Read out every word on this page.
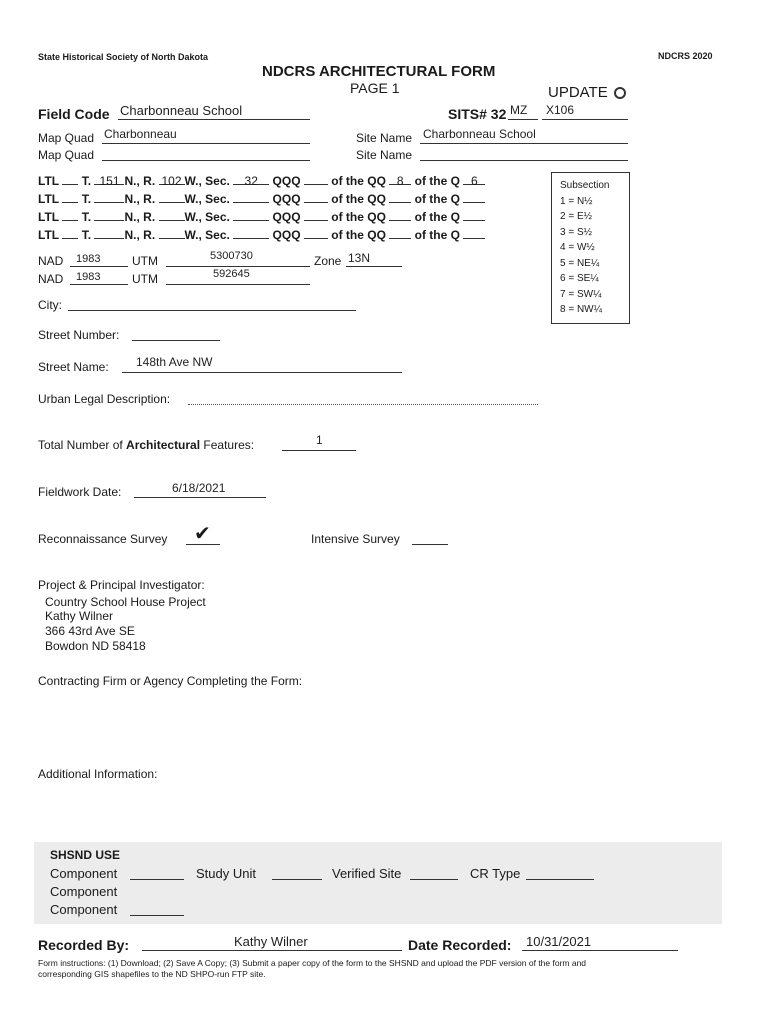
State Historical Society of North Dakota	NDCRS 2020
NDCRS ARCHITECTURAL FORM
PAGE 1	UPDATE
Field Code Charbonneau School	SITS# 32 MZ X106
Map Quad Charbonneau
Map Quad
Site Name Charbonneau School
Site Name
LTL T. 151 N., R. 102 W., Sec. 32 QQQ	of the QQ 8 of the Q 6
LTL T.	N., R. W., Sec.	QQQ	of the QQ of the Q
LTL T.	N., R. W., Sec.	QQQ	of the QQ of the Q
LTL T.	N., R. W., Sec.	QQQ	of the QQ of the Q
Subsection
1 = N½
2 = E½
3 = S½
4 = W½
5 = NE¼
6 = SE¼
7 = SW¼
8 = NW¼
NAD 1983	UTM	5300730	Zone 13N
NAD 1983	UTM	592645
City:
Street Number:
Street Name: 148th Ave NW
Urban Legal Description:
Total Number of Architectural Features:	1
Fieldwork Date:	6/18/2021
Reconnaissance Survey ✔	Intensive Survey
Project & Principal Investigator:
Country School House Project
Kathy Wilner
366 43rd Ave SE
Bowdon ND 58418
Contracting Firm or Agency Completing the Form:
Additional Information:
SHSND USE
Component	Study Unit	Verified Site	CR Type
Component
Component
Recorded By:	Kathy Wilner	Date Recorded: 10/31/2021
Form instructions: (1) Download; (2) Save A Copy; (3) Submit a paper copy of the form to the SHSND and upload the PDF version of the form and
corresponding GIS shapefiles to the ND SHPO-run FTP site.
